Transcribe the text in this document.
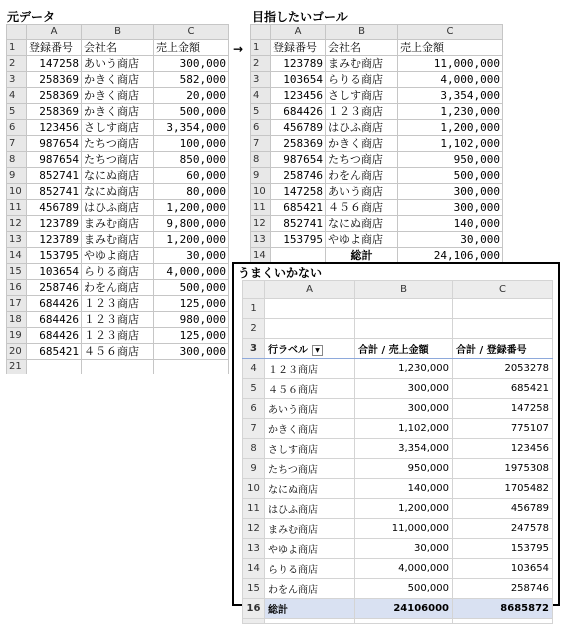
元データ
	A	B	C
1	登録番号	会社名	売上金額
2	147258	あいう商店	300,000
3	258369	かきく商店	582,000
4	258369	かきく商店	20,000
5	258369	かきく商店	500,000
6	123456	さしす商店	3,354,000
7	987654	たちつ商店	100,000
8	987654	たちつ商店	850,000
9	852741	なにぬ商店	60,000
10	852741	なにぬ商店	80,000
11	456789	はひふ商店	1,200,000
12	123789	まみむ商店	9,800,000
13	123789	まみむ商店	1,200,000
14	153795	やゆよ商店	30,000
15	103654	らりる商店	4,000,000
16	258746	わをん商店	500,000
17	684426	１２３商店	125,000
18	684426	１２３商店	980,000
19	684426	１２３商店	125,000
20	685421	４５６商店	300,000
21			
→
目指したいゴール
	A	B	C
1	登録番号	会社名	売上金額
2	123789	まみむ商店	11,000,000
3	103654	らりる商店	4,000,000
4	123456	さしす商店	3,354,000
5	684426	１２３商店	1,230,000
6	456789	はひふ商店	1,200,000
7	258369	かきく商店	1,102,000
8	987654	たちつ商店	950,000
9	258746	わをん商店	500,000
10	147258	あいう商店	300,000
11	685421	４５６商店	300,000
12	852741	なにぬ商店	140,000
13	153795	やゆよ商店	30,000
14		総計	24,106,000
うまくいかない
	A	B	C
1			
2			
3	行ラベル ▼	合計 / 売上金額	合計 / 登録番号
4	１２３商店	1,230,000	2053278
5	４５６商店	300,000	685421
6	あいう商店	300,000	147258
7	かきく商店	1,102,000	775107
8	さしす商店	3,354,000	123456
9	たちつ商店	950,000	1975308
10	なにぬ商店	140,000	1705482
11	はひふ商店	1,200,000	456789
12	まみむ商店	11,000,000	247578
13	やゆよ商店	30,000	153795
14	らりる商店	4,000,000	103654
15	わをん商店	500,000	258746
16	総計	24106000	8685872
